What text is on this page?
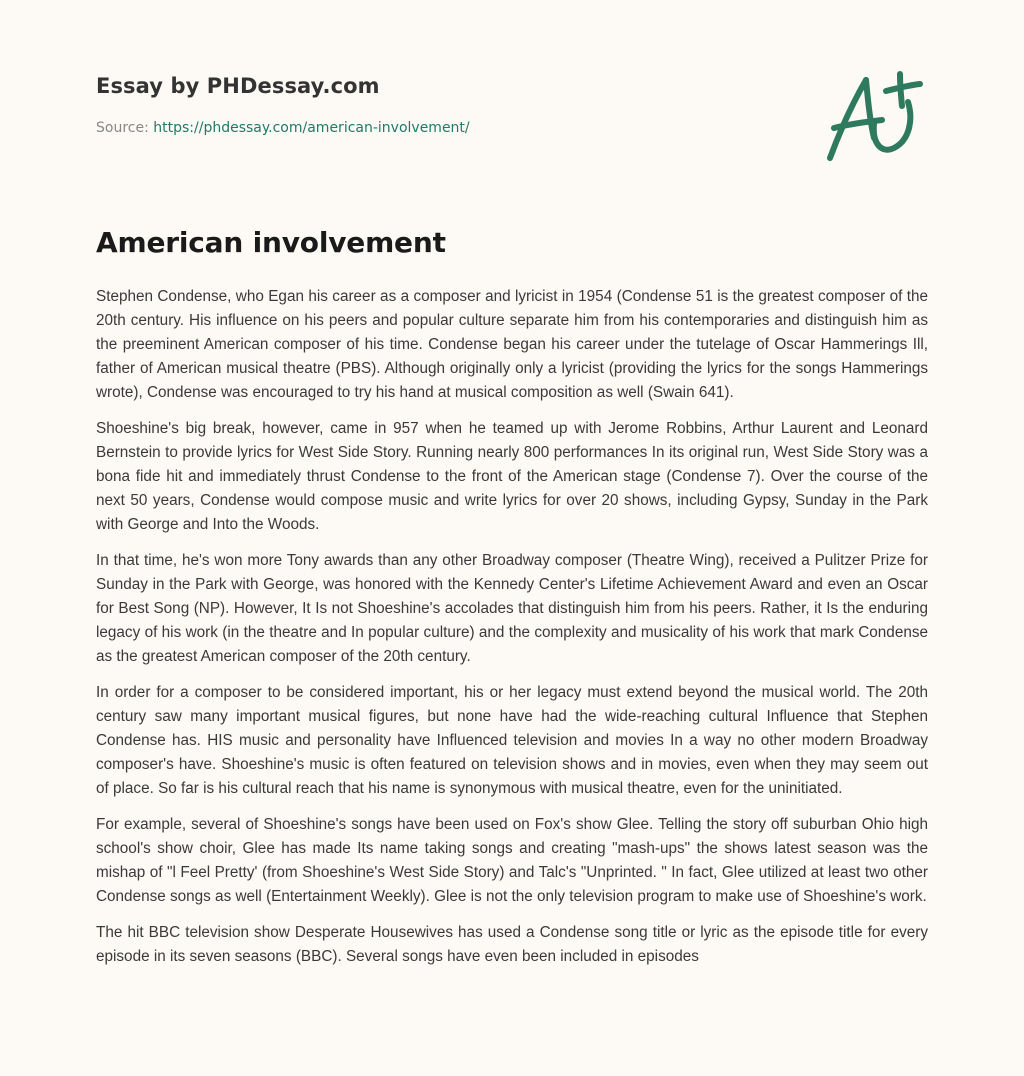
Essay by PHDessay.com
Source: https://phdessay.com/american-involvement/
American involvement

Stephen Condense, who Egan his career as a composer and lyricist in 1954 (Condense 51 is the greatest composer of the 20th century. His influence on his peers and popular culture separate him from his contemporaries and distinguish him as the preeminent American composer of his time. Condense began his career under the tutelage of Oscar Hammerings Ill, father of American musical theatre (PBS). Although originally only a lyricist (providing the lyrics for the songs Hammerings wrote), Condense was encouraged to try his hand at musical composition as well (Swain 641).

Shoeshine's big break, however, came in 957 when he teamed up with Jerome Robbins, Arthur Laurent and Leonard Bernstein to provide lyrics for West Side Story. Running nearly 800 performances In its original run, West Side Story was a bona fide hit and immediately thrust Condense to the front of the American stage (Condense 7). Over the course of the next 50 years, Condense would compose music and write lyrics for over 20 shows, including Gypsy, Sunday in the Park with George and Into the Woods.

In that time, he's won more Tony awards than any other Broadway composer (Theatre Wing), received a Pulitzer Prize for Sunday in the Park with George, was honored with the Kennedy Center's Lifetime Achievement Award and even an Oscar for Best Song (NP). However, It Is not Shoeshine's accolades that distinguish him from his peers. Rather, it Is the enduring legacy of his work (in the theatre and In popular culture) and the complexity and musicality of his work that mark Condense as the greatest American composer of the 20th century.

In order for a composer to be considered important, his or her legacy must extend beyond the musical world. The 20th century saw many important musical figures, but none have had the wide-reaching cultural Influence that Stephen Condense has. HIS music and personality have Influenced television and movies In a way no other modern Broadway composer's have. Shoeshine's music is often featured on television shows and in movies, even when they may seem out of place. So far is his cultural reach that his name is synonymous with musical theatre, even for the uninitiated.

For example, several of Shoeshine's songs have been used on Fox's show Glee. Telling the story off suburban Ohio high school's show choir, Glee has made Its name taking songs and creating "mash-ups" the shows latest season was the mishap of "l Feel Pretty' (from Shoeshine's West Side Story) and Talc's "Unprinted. " In fact, Glee utilized at least two other Condense songs as well (Entertainment Weekly). Glee is not the only television program to make use of Shoeshine's work.

The hit BBC television show Desperate Housewives has used a Condense song title or lyric as the episode title for every episode in its seven seasons (BBC). Several songs have even been included in episodes
